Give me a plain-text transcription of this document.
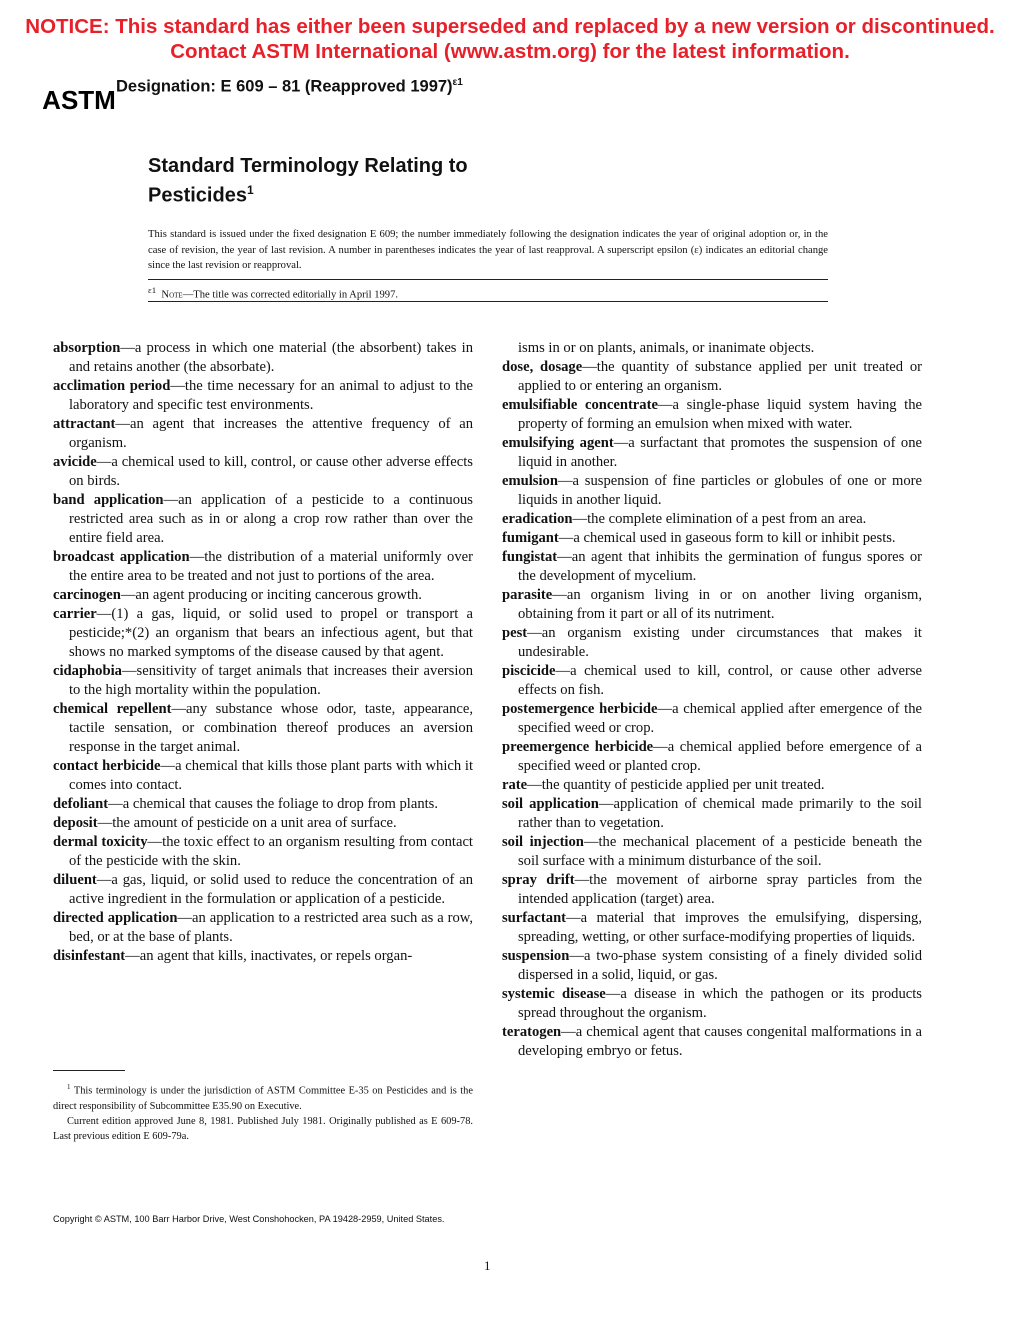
NOTICE: This standard has either been superseded and replaced by a new version or discontinued.
Contact ASTM International (www.astm.org) for the latest information.
ASTM Designation: E 609 – 81 (Reapproved 1997)$^{\varepsilon 1}$
Standard Terminology Relating to
Pesticides$^1$
This standard is issued under the fixed designation E 609; the number immediately following the designation indicates the year of original adoption or, in the case of revision, the year of last revision. A number in parentheses indicates the year of last reapproval. A superscript epsilon (ε) indicates an editorial change since the last revision or reapproval.
$^{\varepsilon 1}$ Note—The title was corrected editorially in April 1997.

absorption—a process in which one material (the absorbent) takes in and retains another (the absorbate).

acclimation period—the time necessary for an animal to adjust to the laboratory and specific test environments.

attractant—an agent that increases the attentive frequency of an organism.

avicide—a chemical used to kill, control, or cause other adverse effects on birds.

band application—an application of a pesticide to a continuous restricted area such as in or along a crop row rather than over the entire field area.

broadcast application—the distribution of a material uniformly over the entire area to be treated and not just to portions of the area.

carcinogen—an agent producing or inciting cancerous growth.

carrier—(1) a gas, liquid, or solid used to propel or transport a pesticide;*(2) an organism that bears an infectious agent, but that shows no marked symptoms of the disease caused by that agent.

cidaphobia—sensitivity of target animals that increases their aversion to the high mortality within the population.

chemical repellent—any substance whose odor, taste, appearance, tactile sensation, or combination thereof produces an aversion response in the target animal.

contact herbicide—a chemical that kills those plant parts with which it comes into contact.

defoliant—a chemical that causes the foliage to drop from plants.

deposit—the amount of pesticide on a unit area of surface.

dermal toxicity—the toxic effect to an organism resulting from contact of the pesticide with the skin.

diluent—a gas, liquid, or solid used to reduce the concentration of an active ingredient in the formulation or application of a pesticide.

directed application—an application to a restricted area such as a row, bed, or at the base of plants.

disinfestant—an agent that kills, inactivates, or repels organ-

isms in or on plants, animals, or inanimate objects.

dose, dosage—the quantity of substance applied per unit treated or applied to or entering an organism.

emulsifiable concentrate—a single-phase liquid system having the property of forming an emulsion when mixed with water.

emulsifying agent—a surfactant that promotes the suspension of one liquid in another.

emulsion—a suspension of fine particles or globules of one or more liquids in another liquid.

eradication—the complete elimination of a pest from an area.

fumigant—a chemical used in gaseous form to kill or inhibit pests.

fungistat—an agent that inhibits the germination of fungus spores or the development of mycelium.

parasite—an organism living in or on another living organism, obtaining from it part or all of its nutriment.

pest—an organism existing under circumstances that makes it undesirable.

piscicide—a chemical used to kill, control, or cause other adverse effects on fish.

postemergence herbicide—a chemical applied after emergence of the specified weed or crop.

preemergence herbicide—a chemical applied before emergence of a specified weed or planted crop.

rate—the quantity of pesticide applied per unit treated.

soil application—application of chemical made primarily to the soil rather than to vegetation.

soil injection—the mechanical placement of a pesticide beneath the soil surface with a minimum disturbance of the soil.

spray drift—the movement of airborne spray particles from the intended application (target) area.

surfactant—a material that improves the emulsifying, dispersing, spreading, wetting, or other surface-modifying properties of liquids.

suspension—a two-phase system consisting of a finely divided solid dispersed in a solid, liquid, or gas.

systemic disease—a disease in which the pathogen or its products spread throughout the organism.

teratogen—a chemical agent that causes congenital malformations in a developing embryo or fetus.

$^1$ This terminology is under the jurisdiction of ASTM Committee E-35 on Pesticides and is the direct responsibility of Subcommittee E35.90 on Executive.

Current edition approved June 8, 1981. Published July 1981. Originally published as E 609-78. Last previous edition E 609-79a.

Copyright © ASTM, 100 Barr Harbor Drive, West Conshohocken, PA 19428-2959, United States.
1
